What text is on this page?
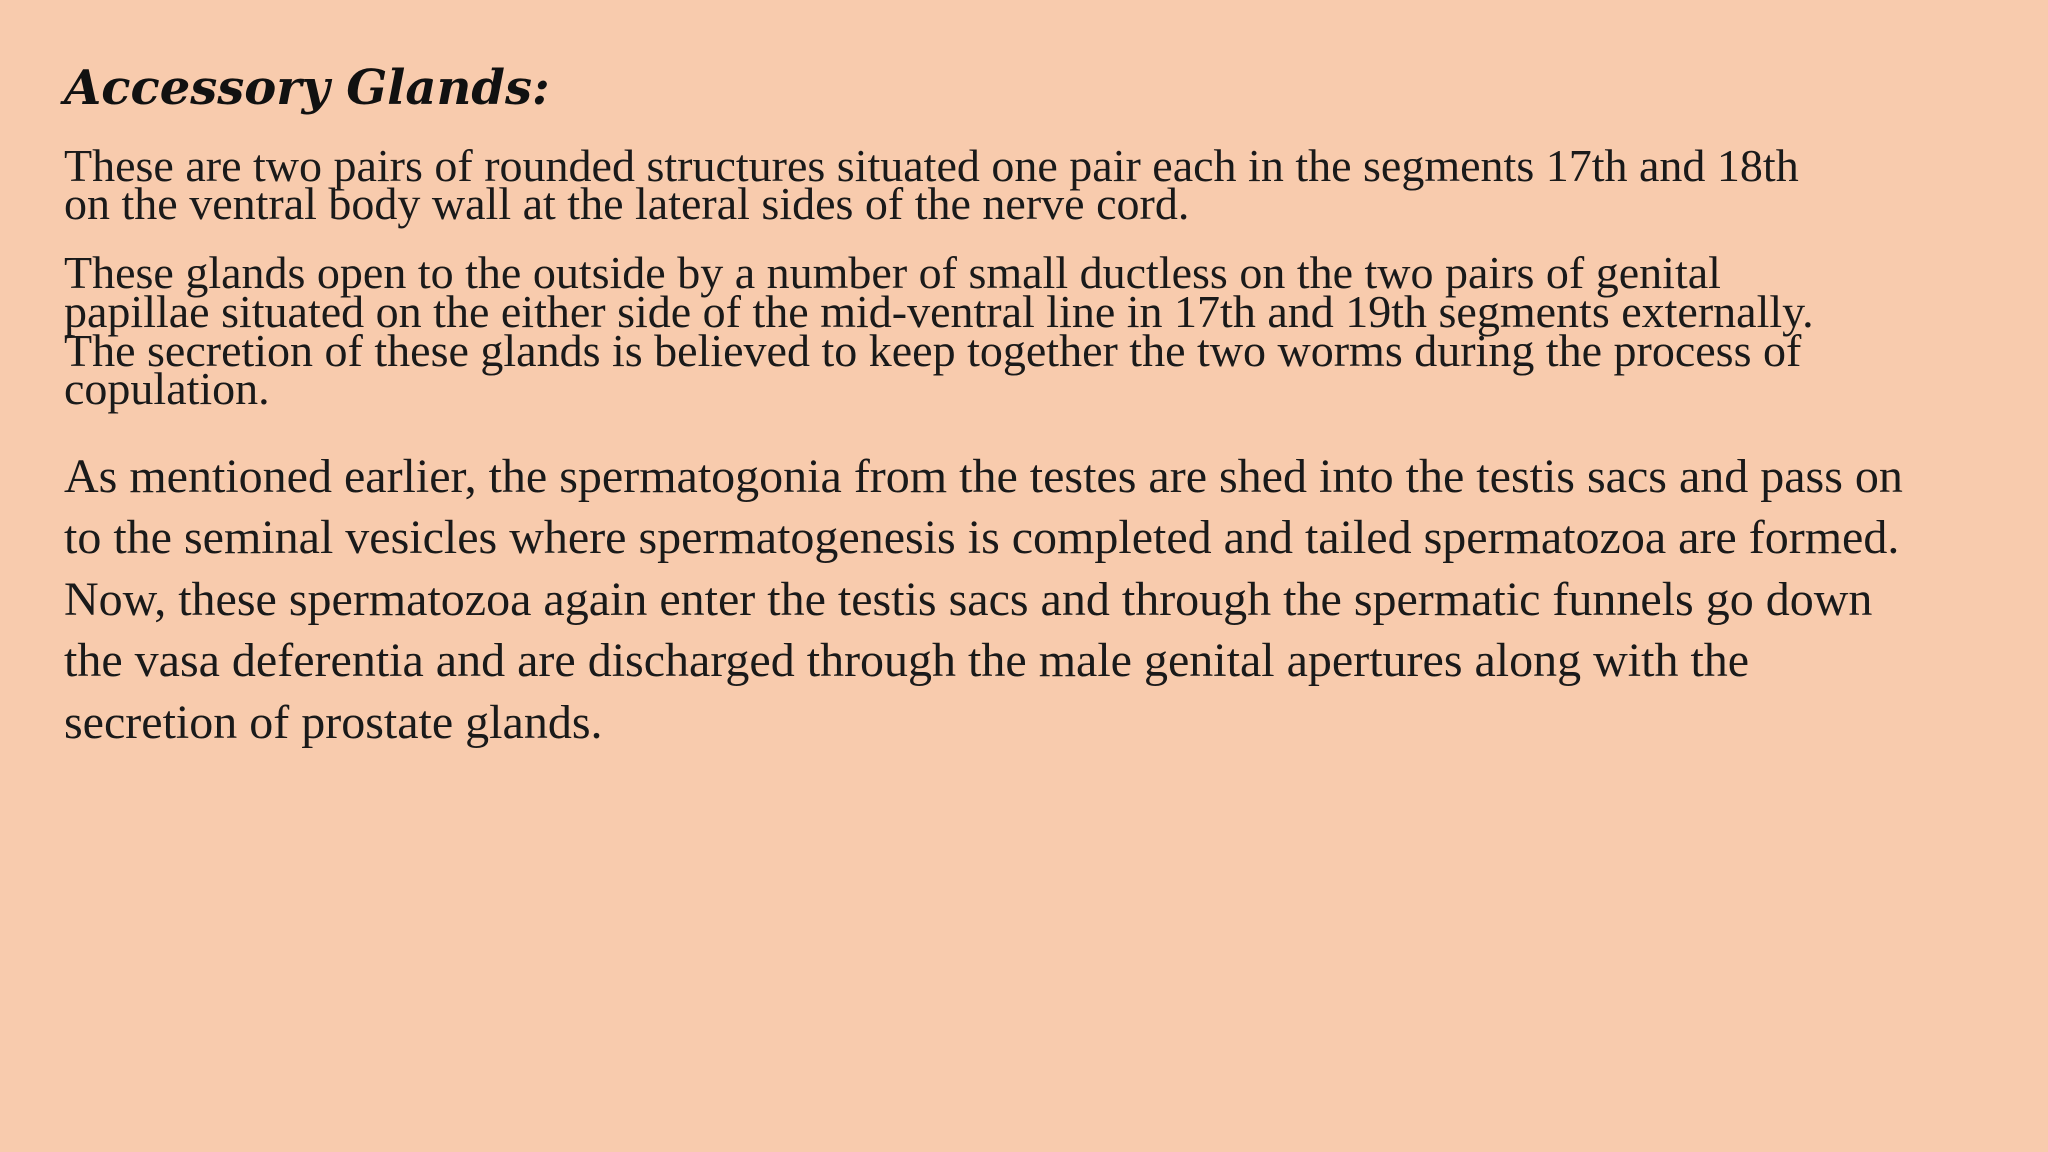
Accessory Glands:

These are two pairs of rounded structures situated one pair each in the segments 17th and 18th

on the ventral body wall at the lateral sides of the nerve cord.

These glands open to the outside by a number of small ductless on the two pairs of genital

papillae situated on the either side of the mid-ventral line in 17th and 19th segments externally.

The secretion of these glands is believed to keep together the two worms during the process of

copulation.

As mentioned earlier, the spermatogonia from the testes are shed into the testis sacs and pass on

to the seminal vesicles where spermatogenesis is completed and tailed spermatozoa are formed.

Now, these spermatozoa again enter the testis sacs and through the spermatic funnels go down

the vasa deferentia and are discharged through the male genital apertures along with the

secretion of prostate glands.
